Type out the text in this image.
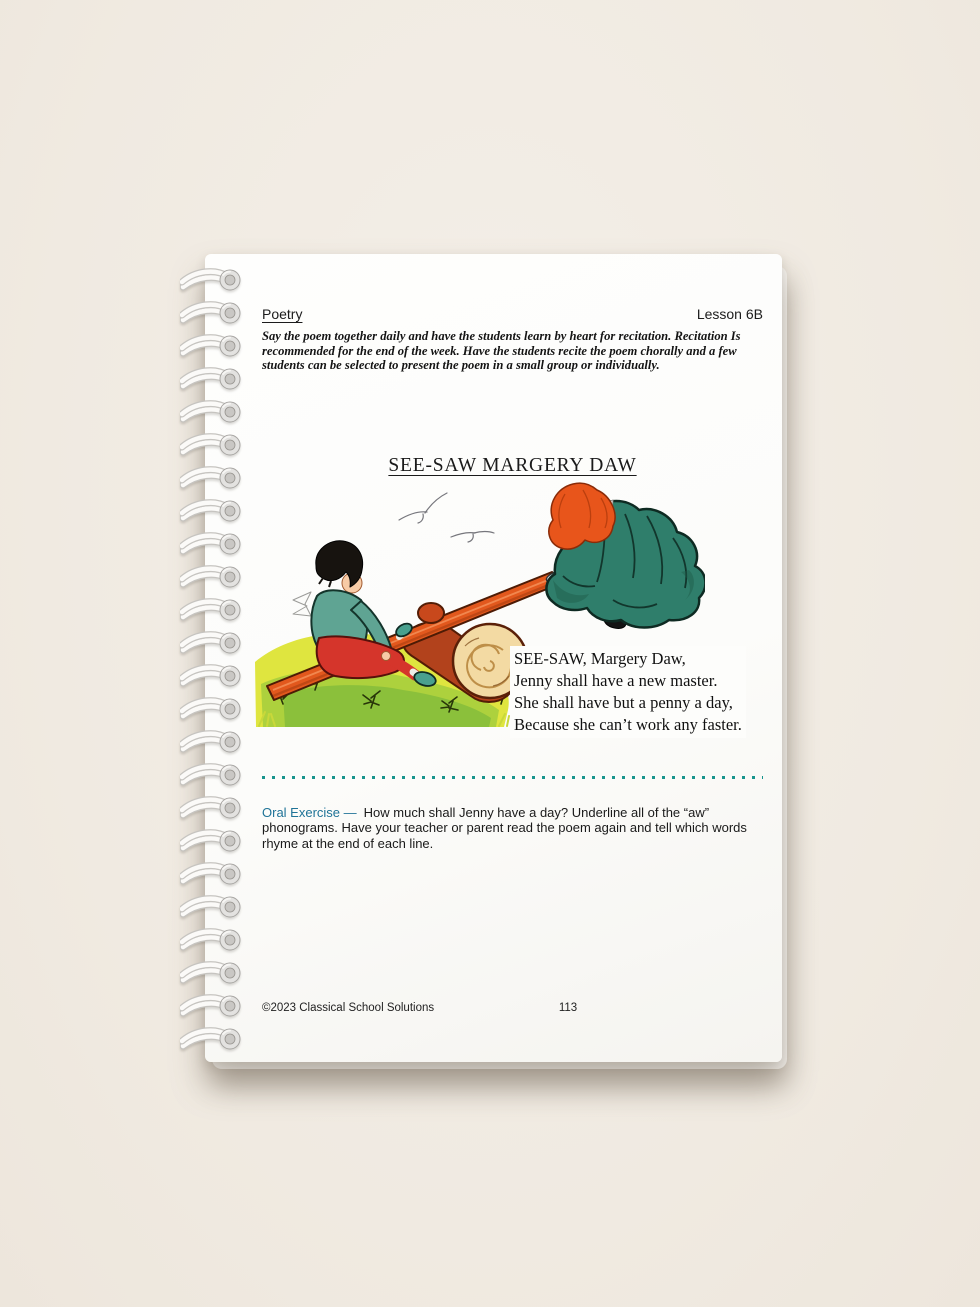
Poetry	Lesson 6B

Say the poem together daily and have the students learn by heart for recitation. Recitation Is recommended for the end of the week. Have the students recite the poem chorally and a few students can be selected to present the poem in a small group or individually.

SEE-SAW MARGERY DAW
SEE-SAW, Margery Daw,
Jenny shall have a new master.
She shall have but a penny a day,
Because she can’t work any faster.

Oral Exercise — How much shall Jenny have a day? Underline all of the “aw” phonograms. Have your teacher or parent read the poem again and tell which words rhyme at the end of each line.

©2023 Classical School Solutions	113
